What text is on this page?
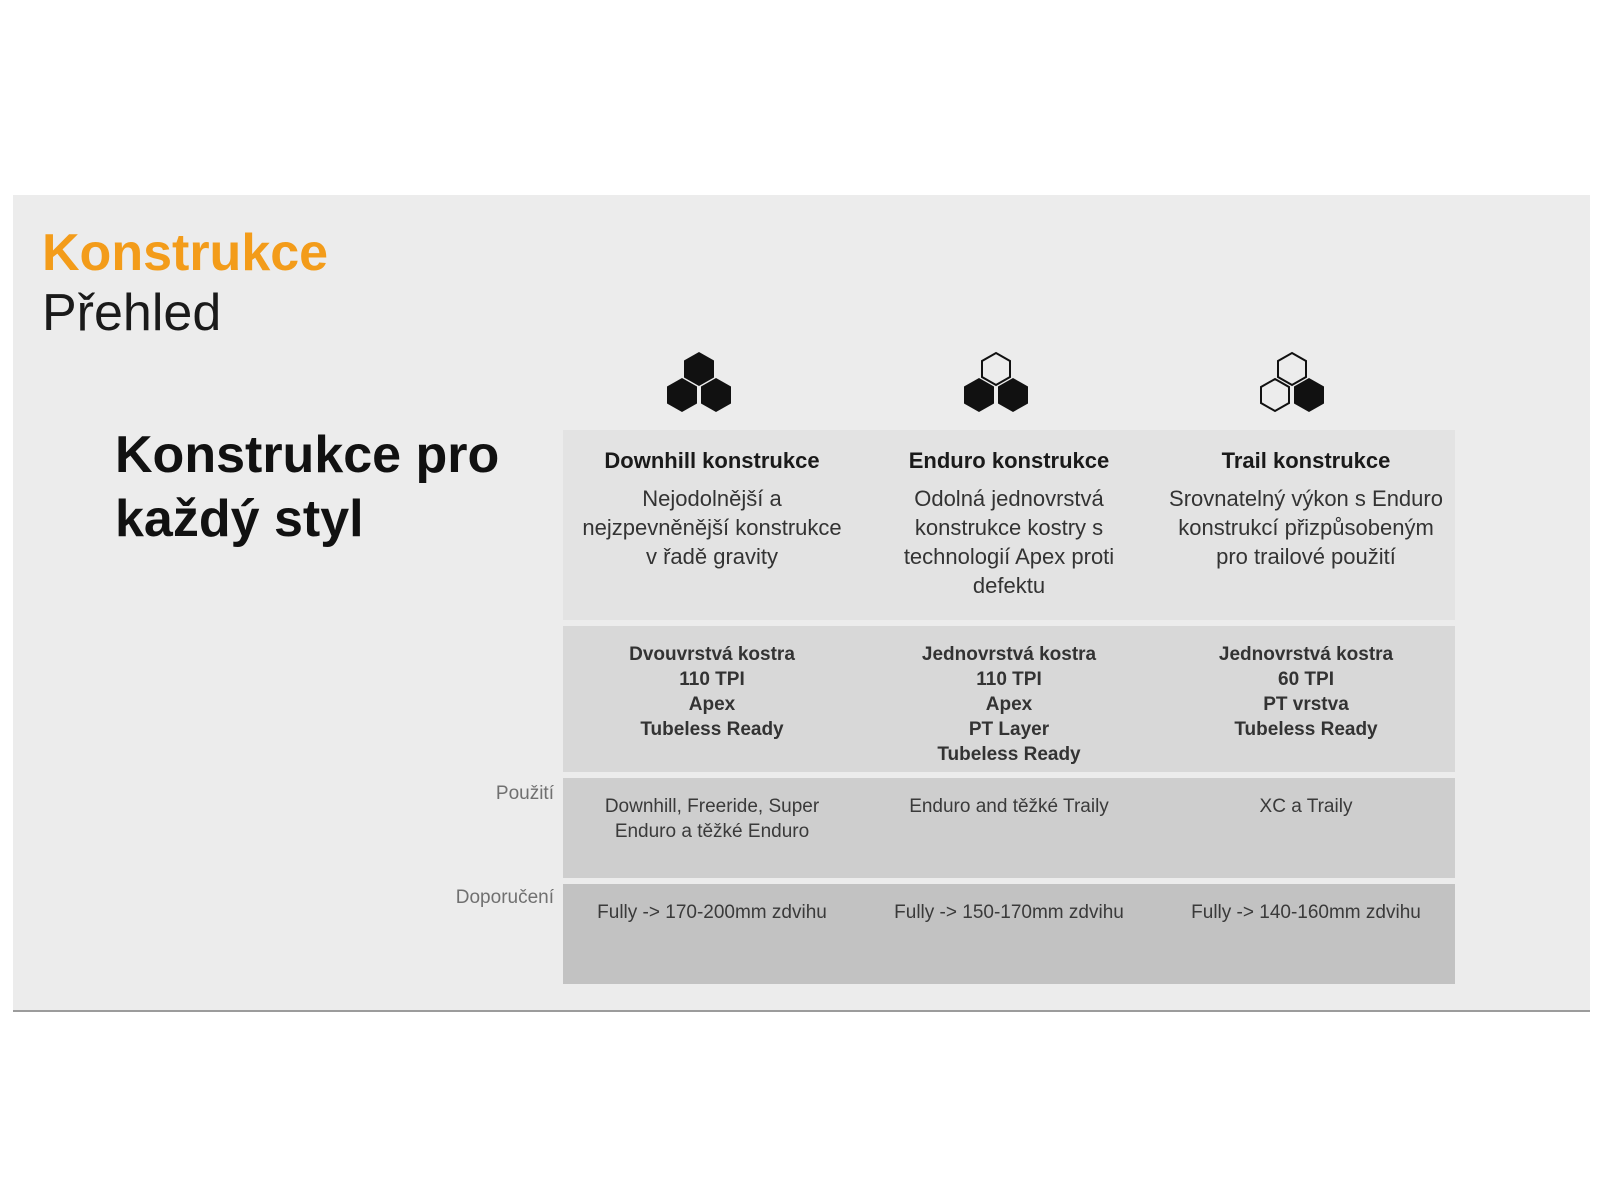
Konstrukce
Přehled

Konstrukce pro každý styl

Použití
Doporučení
Downhill konstrukce
Nejodolnější a nejzpevněnější konstrukce v řadě gravity
Dvouvrstvá kostra
110 TPI
Apex
Tubeless Ready
Downhill, Freeride, Super Enduro a těžké Enduro
Fully -> 170-200mm zdvihu
Enduro konstrukce
Odolná jednovrstvá konstrukce kostry s technologií Apex proti defektu
Jednovrstvá kostra
110 TPI
Apex
PT Layer
Tubeless Ready
Enduro and těžké Traily
Fully -> 150-170mm zdvihu
Trail konstrukce
Srovnatelný výkon s Enduro konstrukcí přizpůsobeným pro trailové použití
Jednovrstvá kostra
60 TPI
PT vrstva
Tubeless Ready
XC a Traily
Fully -> 140-160mm zdvihu
